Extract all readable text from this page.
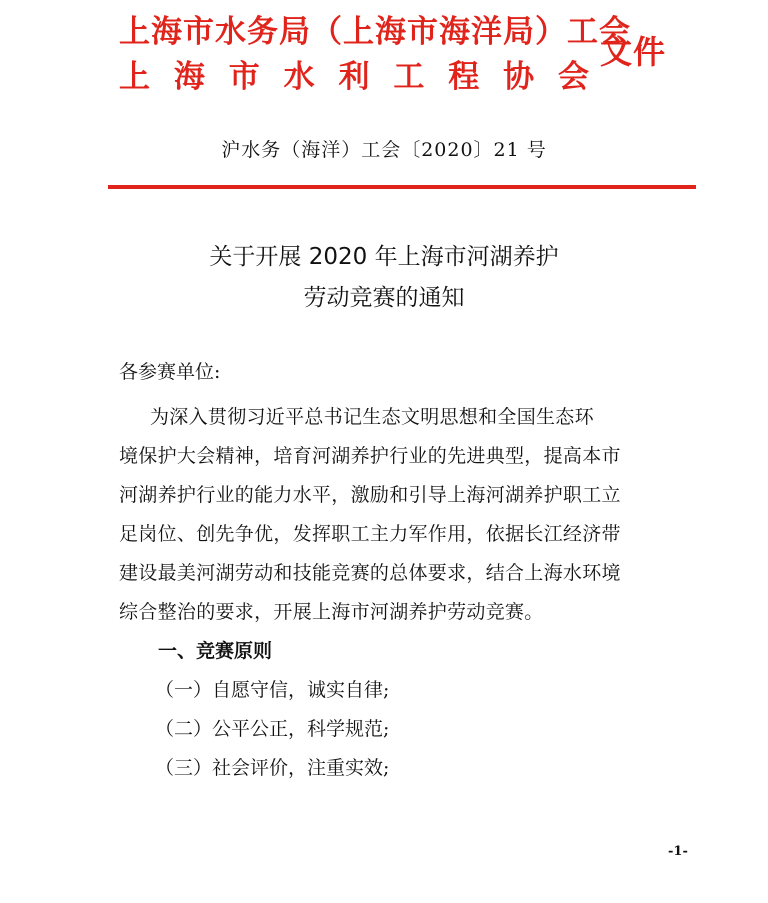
上海市水务局（上海市海洋局）工会
上 海 市 水 利 工 程 协 会
文件
沪水务（海洋）工会〔2020〕21 号
关于开展 2020 年上海市河湖养护
劳动竞赛的通知
各参赛单位:
为深入贯彻习近平总书记生态文明思想和全国生态环
境保护大会精神，培育河湖养护行业的先进典型，提高本市
河湖养护行业的能力水平，激励和引导上海河湖养护职工立
足岗位、创先争优，发挥职工主力军作用，依据长江经济带
建设最美河湖劳动和技能竞赛的总体要求，结合上海水环境
综合整治的要求，开展上海市河湖养护劳动竞赛。
一、竞赛原则
（一）自愿守信，诚实自律;
（二）公平公正，科学规范;
（三）社会评价，注重实效;
-1-
